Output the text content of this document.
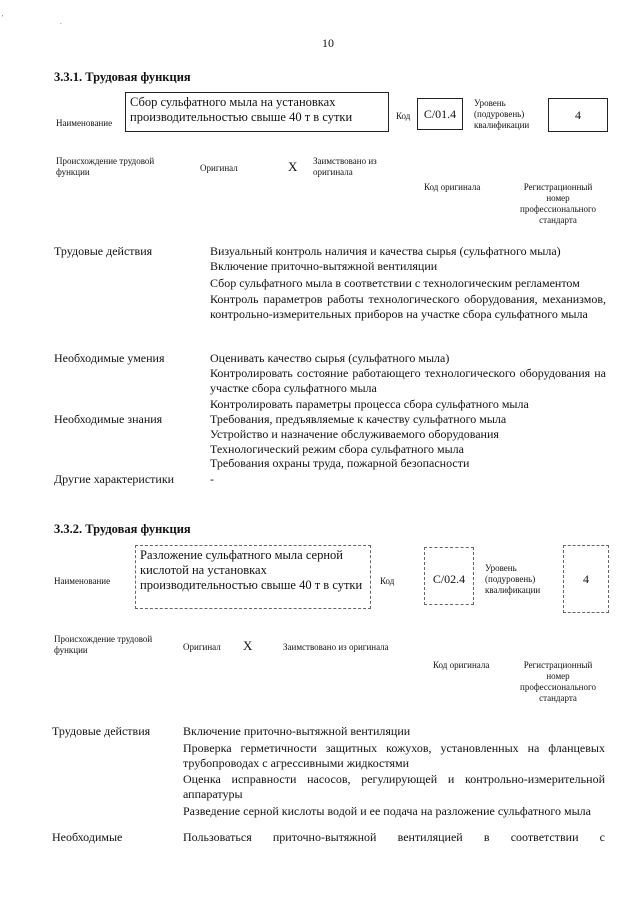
10
'	.
3.3.1. Трудовая функция
Наименование
Сбор сульфатного мыла на установках производительностью свыше 40 т в сутки	Код	C/01.4
Уровень
(подуровень)
квалификации
4
Происхождение трудовой функции	Оригинал	X Заимствовано из оригинала
Код оригинала	Регистрационный
номер
профессионального
стандарта
Трудовые действия	Визуальный контроль наличия и качества сырья (сульфатного мыла)

Включение приточно-вытяжной вентиляции

Сбор сульфатного мыла в соответствии с технологическим регламентом

Контроль параметров работы технологического оборудования, механизмов, контрольно-измерительных приборов на участке сбора сульфатного мыла

Необходимые умения	Оценивать качество сырья (сульфатного мыла)

Контролировать состояние работающего технологического оборудования на участке сбора сульфатного мыла

Контролировать параметры процесса сбора сульфатного мыла

Необходимые знания	Требования, предъявляемые к качеству сульфатного мыла

Устройство и назначение обслуживаемого оборудования

Технологический режим сбора сульфатного мыла

Требования охраны труда, пожарной безопасности

Другие характеристики	-
3.3.2. Трудовая функция
Наименование
Разложение сульфатного мыла серной кислотой на установках производительностью свыше 40 т в сутки	Код	C/02.4
Уровень
(подуровень)
квалификации
4
Происхождение трудовой функции	Оригинал X	Заимствовано из оригинала
Код оригинала	Регистрационный
номер
профессионального
стандарта
Трудовые действия	Включение приточно-вытяжной вентиляции

Проверка герметичности защитных кожухов, установленных на фланцевых трубопроводах с агрессивными жидкостями

Оценка исправности насосов, регулирующей и контрольно-измерительной аппаратуры

Разведение серной кислоты водой и ее подача на разложение сульфатного мыла

Необходимые	Пользоваться приточно-вытяжной вентиляцией в соответствии с
